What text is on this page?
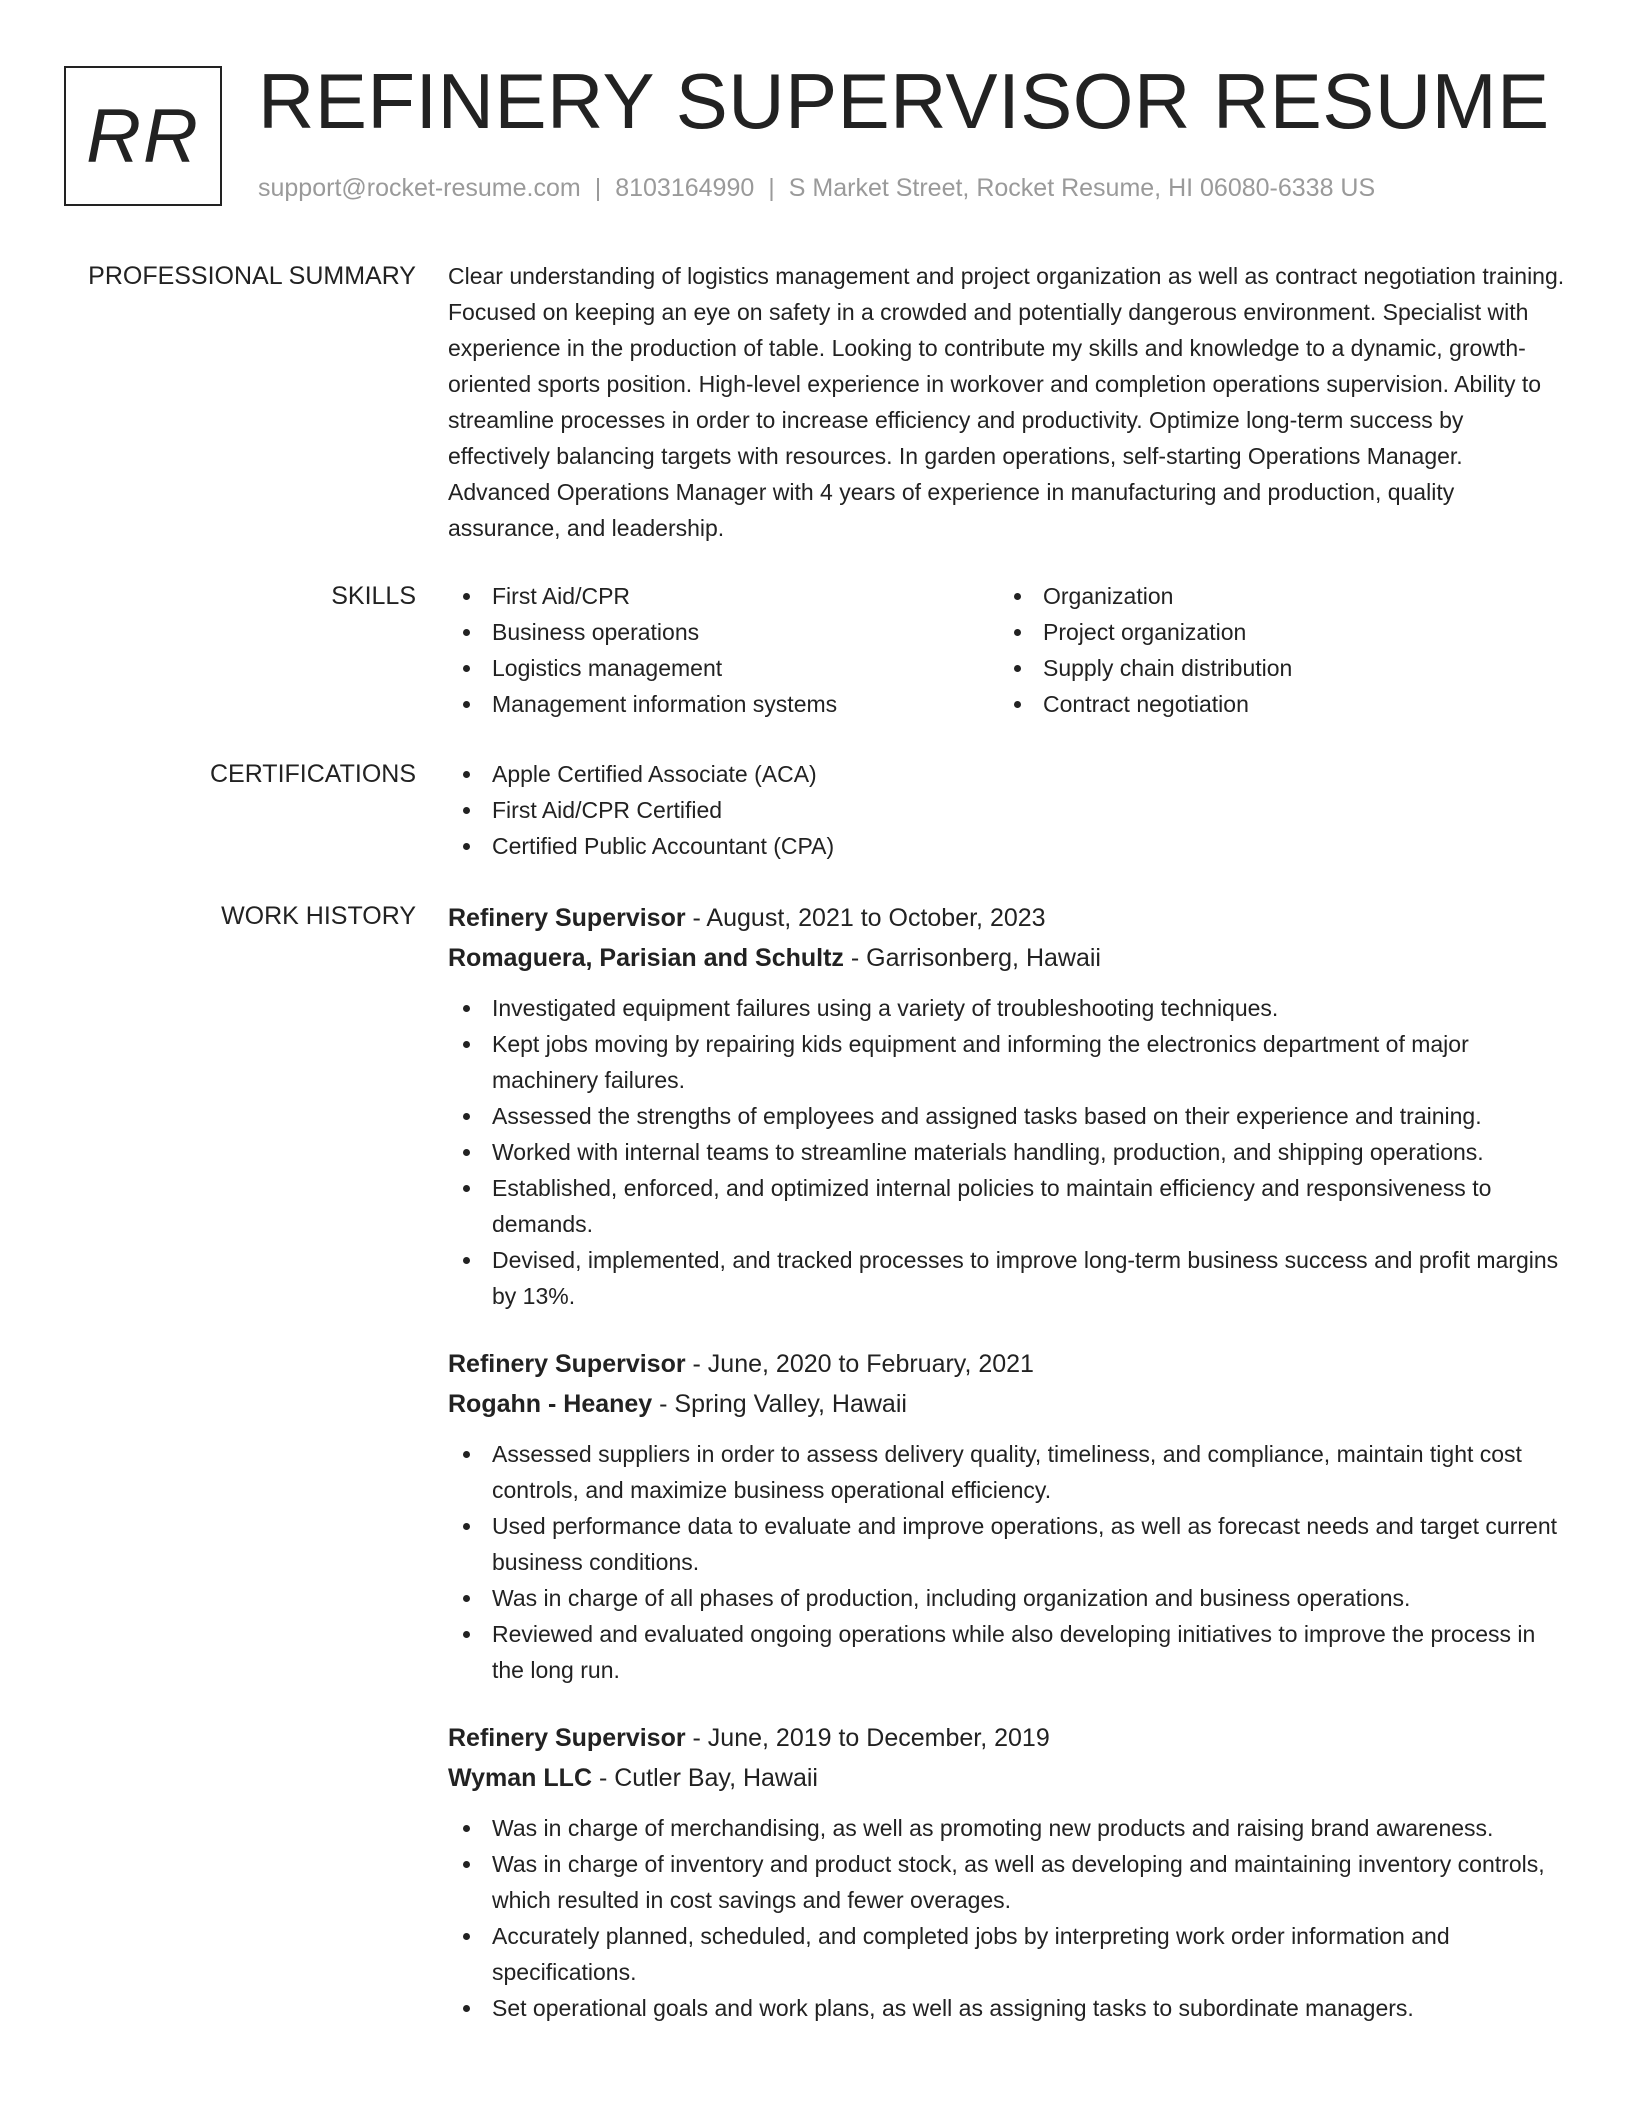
RR REFINERY SUPERVISOR RESUME
support@rocket-resume.com | 8103164990 | S Market Street, Rocket Resume, HI 06080-6338 US
PROFESSIONAL SUMMARY Clear understanding of logistics management and project organization as well as contract negotiation training. Focused on keeping an eye on safety in a crowded and potentially dangerous environment. Specialist with experience in the production of table. Looking to contribute my skills and knowledge to a dynamic, growth-oriented sports position. High-level experience in workover and completion operations supervision. Ability to streamline processes in order to increase efficiency and productivity. Optimize long-term success by effectively balancing targets with resources. In garden operations, self-starting Operations Manager. Advanced Operations Manager with 4 years of experience in manufacturing and production, quality assurance, and leadership.

SKILLS	First Aid/CPR
Business operations
Logistics management
Management information systems
Organization
Project organization
Supply chain distribution
Contract negotiation
CERTIFICATIONS	Apple Certified Associate (ACA)
First Aid/CPR Certified
Certified Public Accountant (CPA)
WORK HISTORY Refinery Supervisor - August, 2021 to October, 2023
Romaguera, Parisian and Schultz - Garrisonberg, Hawaii
Investigated equipment failures using a variety of troubleshooting techniques.
Kept jobs moving by repairing kids equipment and informing the electronics department of major machinery failures.
Assessed the strengths of employees and assigned tasks based on their experience and training.
Worked with internal teams to streamline materials handling, production, and shipping operations.
Established, enforced, and optimized internal policies to maintain efficiency and responsiveness to demands.
Devised, implemented, and tracked processes to improve long-term business success and profit margins by 13%.
Refinery Supervisor - June, 2020 to February, 2021
Rogahn - Heaney - Spring Valley, Hawaii
Assessed suppliers in order to assess delivery quality, timeliness, and compliance, maintain tight cost controls, and maximize business operational efficiency.
Used performance data to evaluate and improve operations, as well as forecast needs and target current business conditions.
Was in charge of all phases of production, including organization and business operations.
Reviewed and evaluated ongoing operations while also developing initiatives to improve the process in the long run.
Refinery Supervisor - June, 2019 to December, 2019
Wyman LLC - Cutler Bay, Hawaii
Was in charge of merchandising, as well as promoting new products and raising brand awareness.
Was in charge of inventory and product stock, as well as developing and maintaining inventory controls, which resulted in cost savings and fewer overages.
Accurately planned, scheduled, and completed jobs by interpreting work order information and specifications.
Set operational goals and work plans, as well as assigning tasks to subordinate managers.
